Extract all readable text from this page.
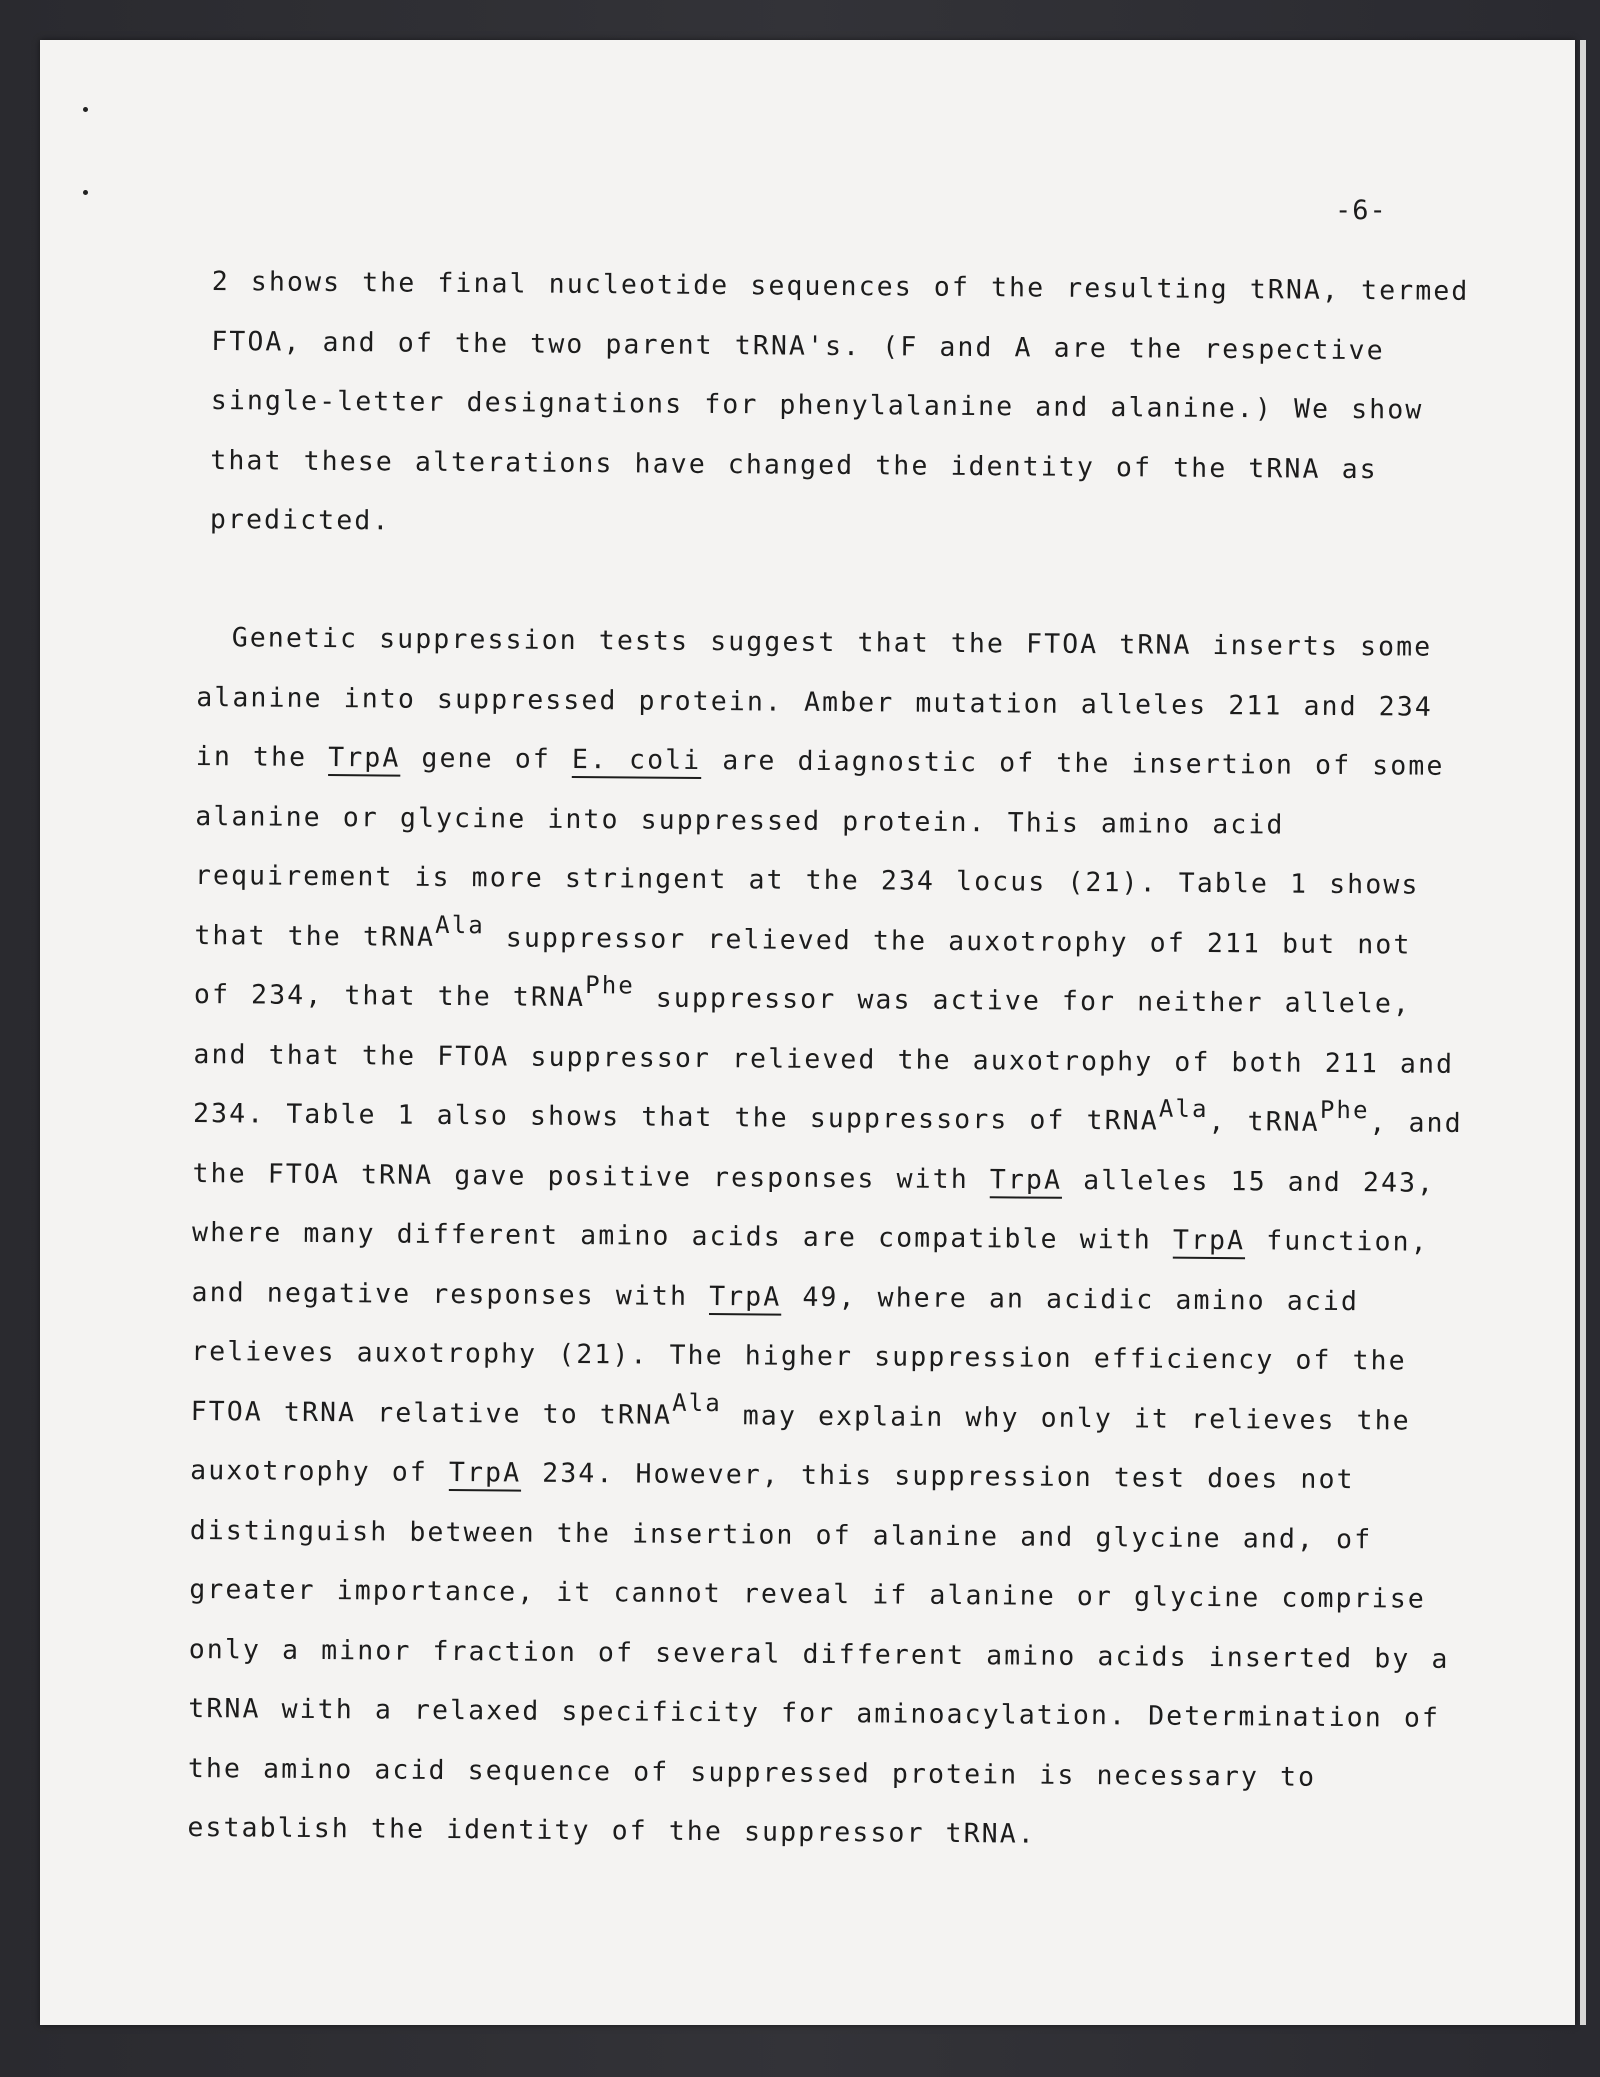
-6-
2 shows the final nucleotide sequences of the resulting tRNA, termed
FTOA, and of the two parent tRNA's. (F and A are the respective
single-letter designations for phenylalanine and alanine.) We show
that these alterations have changed the identity of the tRNA as
predicted.
Genetic suppression tests suggest that the FTOA tRNA inserts some
alanine into suppressed protein. Amber mutation alleles 211 and 234
in the TrpA gene of E. coli are diagnostic of the insertion of some
alanine or glycine into suppressed protein. This amino acid
requirement is more stringent at the 234 locus (21). Table 1 shows
that the tRNA$^{Ala}$ suppressor relieved the auxotrophy of 211 but not
of 234, that the tRNA$^{Phe}$ suppressor was active for neither allele,
and that the FTOA suppressor relieved the auxotrophy of both 211 and
234. Table 1 also shows that the suppressors of tRNA$^{Ala}$, tRNA$^{Phe}$, and
the FTOA tRNA gave positive responses with TrpA alleles 15 and 243,
where many different amino acids are compatible with TrpA function,
and negative responses with TrpA 49, where an acidic amino acid
relieves auxotrophy (21). The higher suppression efficiency of the
FTOA tRNA relative to tRNA$^{Ala}$ may explain why only it relieves the
auxotrophy of TrpA 234. However, this suppression test does not
distinguish between the insertion of alanine and glycine and, of
greater importance, it cannot reveal if alanine or glycine comprise
only a minor fraction of several different amino acids inserted by a
tRNA with a relaxed specificity for aminoacylation. Determination of
the amino acid sequence of suppressed protein is necessary to
establish the identity of the suppressor tRNA.
